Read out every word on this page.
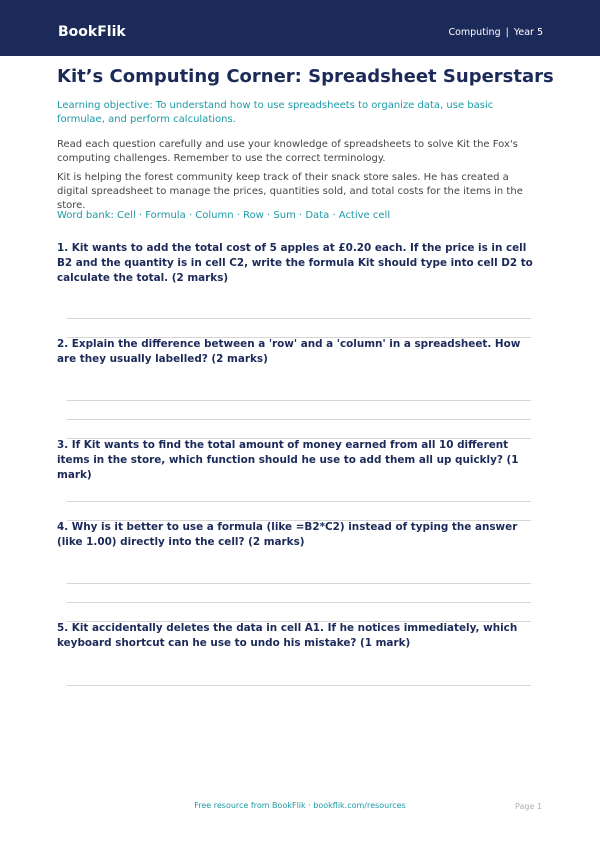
BookFlik	Computing | Year 5
Kit’s Computing Corner: Spreadsheet Superstars

Learning objective: To understand how to use spreadsheets to organize data, use basic formulae, and perform calculations.

Read each question carefully and use your knowledge of spreadsheets to solve Kit the Fox's computing challenges. Remember to use the correct terminology.

Kit is helping the forest community keep track of their snack store sales. He has created a digital spreadsheet to manage the prices, quantities sold, and total costs for the items in the store.

Word bank: Cell · Formula · Column · Row · Sum · Data · Active cell

1. Kit wants to add the total cost of 5 apples at £0.20 each. If the price is in cell B2 and the quantity is in cell C2, write the formula Kit should type into cell D2 to calculate the total. (2 marks)

2. Explain the difference between a 'row' and a 'column' in a spreadsheet. How are they usually labelled? (2 marks)

3. If Kit wants to find the total amount of money earned from all 10 different items in the store, which function should he use to add them all up quickly? (1 mark)

4. Why is it better to use a formula (like =B2*C2) instead of typing the answer (like 1.00) directly into the cell? (2 marks)

5. Kit accidentally deletes the data in cell A1. If he notices immediately, which keyboard shortcut can he use to undo his mistake? (1 mark)

Free resource from BookFlik · bookflik.com/resources	Page 1
